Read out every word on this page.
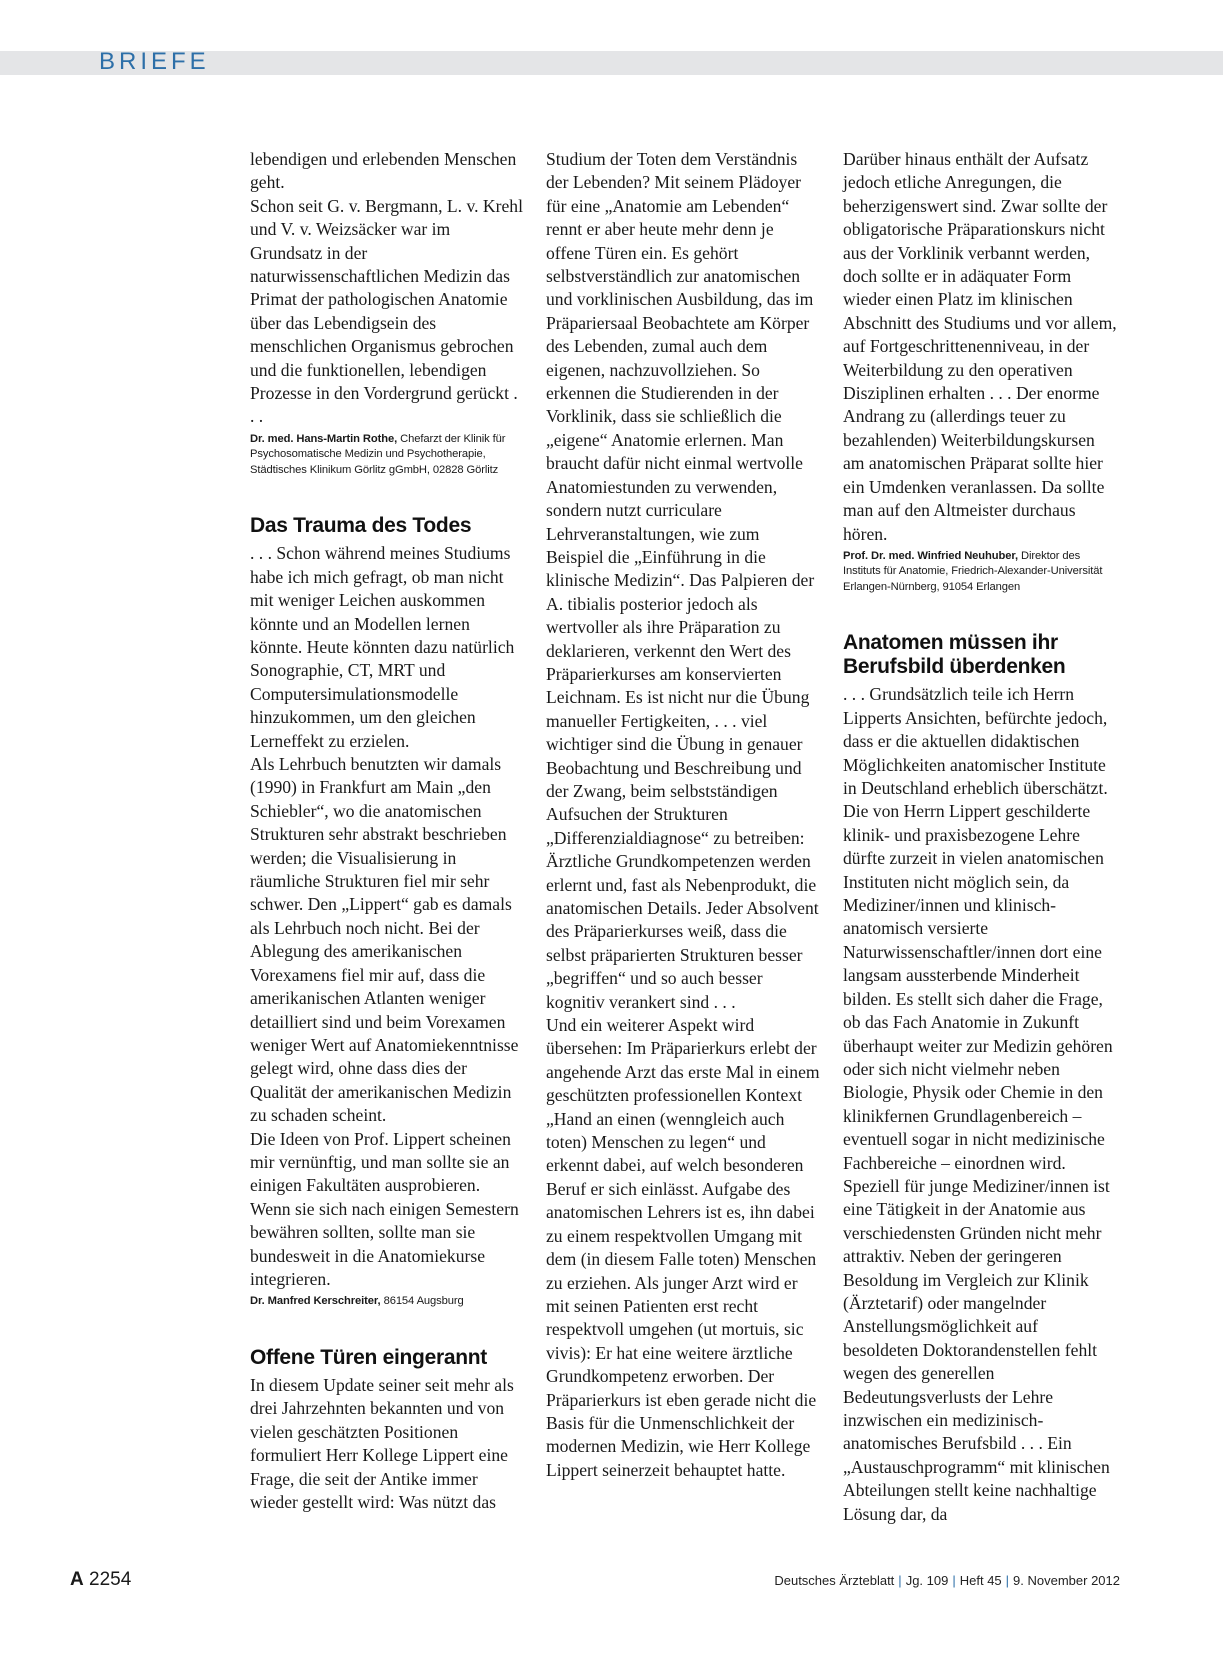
BRIEFE

lebendigen und erlebenden Menschen geht.

Schon seit G. v. Bergmann, L. v. Krehl und V. v. Weizsäcker war im Grundsatz in der naturwissenschaftlichen Medizin das Primat der pathologischen Anatomie über das Lebendigsein des menschlichen Organismus gebrochen und die funktionellen, lebendigen Prozesse in den Vordergrund gerückt . . .

Dr. med. Hans-Martin Rothe, Chefarzt der Klinik für Psychosomatische Medizin und Psychotherapie, Städtisches Klinikum Görlitz gGmbH, 02828 Görlitz
Das Trauma des Todes

. . . Schon während meines Studiums habe ich mich gefragt, ob man nicht mit weniger Leichen auskommen könnte und an Modellen lernen könnte. Heute könnten dazu natürlich Sonographie, CT, MRT und Computersimulationsmodelle hinzukommen, um den gleichen Lerneffekt zu erzielen.

Als Lehrbuch benutzten wir damals (1990) in Frankfurt am Main „den Schiebler“, wo die anatomischen Strukturen sehr abstrakt beschrieben werden; die Visualisierung in räumliche Strukturen fiel mir sehr schwer. Den „Lippert“ gab es damals als Lehrbuch noch nicht. Bei der Ablegung des amerikanischen Vorexamens fiel mir auf, dass die amerikanischen Atlanten weniger detailliert sind und beim Vorexamen weniger Wert auf Anatomiekenntnisse gelegt wird, ohne dass dies der Qualität der amerikanischen Medizin zu schaden scheint.

Die Ideen von Prof. Lippert scheinen mir vernünftig, und man sollte sie an einigen Fakultäten ausprobieren. Wenn sie sich nach einigen Semestern bewähren sollten, sollte man sie bundesweit in die Anatomiekurse integrieren.

Dr. Manfred Kerschreiter, 86154 Augsburg
Offene Türen eingerannt

In diesem Update seiner seit mehr als drei Jahrzehnten bekannten und von vielen geschätzten Positionen formuliert Herr Kollege Lippert eine Frage, die seit der Antike immer wieder gestellt wird: Was nützt das

Studium der Toten dem Verständnis der Lebenden? Mit seinem Plädoyer für eine „Anatomie am Lebenden“ rennt er aber heute mehr denn je offene Türen ein. Es gehört selbstverständlich zur anatomischen und vorklinischen Ausbildung, das im Präpariersaal Beobachtete am Körper des Lebenden, zumal auch dem eigenen, nachzuvollziehen. So erkennen die Studierenden in der Vorklinik, dass sie schließlich die „eigene“ Anatomie erlernen. Man braucht dafür nicht einmal wertvolle Anatomiestunden zu verwenden, sondern nutzt curriculare Lehrveranstaltungen, wie zum Beispiel die „Einführung in die klinische Medizin“. Das Palpieren der A. tibialis posterior jedoch als wertvoller als ihre Präparation zu deklarieren, verkennt den Wert des Präparierkurses am konservierten Leichnam. Es ist nicht nur die Übung manueller Fertigkeiten, . . . viel wichtiger sind die Übung in genauer Beobachtung und Beschreibung und der Zwang, beim selbstständigen Aufsuchen der Strukturen „Differenzialdiagnose“ zu betreiben: Ärztliche Grundkompetenzen werden erlernt und, fast als Nebenprodukt, die anatomischen Details. Jeder Absolvent des Präparierkurses weiß, dass die selbst präparierten Strukturen besser „begriffen“ und so auch besser kognitiv verankert sind . . .

Und ein weiterer Aspekt wird übersehen: Im Präparierkurs erlebt der angehende Arzt das erste Mal in einem geschützten professionellen Kontext „Hand an einen (wenngleich auch toten) Menschen zu legen“ und erkennt dabei, auf welch besonderen Beruf er sich einlässt. Aufgabe des anatomischen Lehrers ist es, ihn dabei zu einem respektvollen Umgang mit dem (in diesem Falle toten) Menschen zu erziehen. Als junger Arzt wird er mit seinen Patienten erst recht respektvoll umgehen (ut mortuis, sic vivis): Er hat eine weitere ärztliche Grundkompetenz erworben. Der Präparierkurs ist eben gerade nicht die Basis für die Unmenschlichkeit der modernen Medizin, wie Herr Kollege Lippert seinerzeit behauptet hatte.

Darüber hinaus enthält der Aufsatz jedoch etliche Anregungen, die beherzigenswert sind. Zwar sollte der obligatorische Präparationskurs nicht aus der Vorklinik verbannt werden, doch sollte er in adäquater Form wieder einen Platz im klinischen Abschnitt des Studiums und vor allem, auf Fortgeschrittenenniveau, in der Weiterbildung zu den operativen Disziplinen erhalten . . . Der enorme Andrang zu (allerdings teuer zu bezahlenden) Weiterbildungskursen am anatomischen Präparat sollte hier ein Umdenken veranlassen. Da sollte man auf den Altmeister durchaus hören.

Prof. Dr. med. Winfried Neuhuber, Direktor des Instituts für Anatomie, Friedrich-Alexander-Universität Erlangen-Nürnberg, 91054 Erlangen
Anatomen müssen ihr Berufsbild überdenken

. . . Grundsätzlich teile ich Herrn Lipperts Ansichten, befürchte jedoch, dass er die aktuellen didaktischen Möglichkeiten anatomischer Institute in Deutschland erheblich überschätzt.

Die von Herrn Lippert geschilderte klinik- und praxisbezogene Lehre dürfte zurzeit in vielen anatomischen Instituten nicht möglich sein, da Mediziner/innen und klinisch-anatomisch versierte Naturwissenschaftler/innen dort eine langsam aussterbende Minderheit bilden. Es stellt sich daher die Frage, ob das Fach Anatomie in Zukunft überhaupt weiter zur Medizin gehören oder sich nicht vielmehr neben Biologie, Physik oder Chemie in den klinikfernen Grundlagenbereich – eventuell sogar in nicht medizinische Fachbereiche – einordnen wird. Speziell für junge Mediziner/innen ist eine Tätigkeit in der Anatomie aus verschiedensten Gründen nicht mehr attraktiv. Neben der geringeren Besoldung im Vergleich zur Klinik (Ärztetarif) oder mangelnder Anstellungsmöglichkeit auf besoldeten Doktorandenstellen fehlt wegen des generellen Bedeutungsverlusts der Lehre inzwischen ein medizinisch-anatomisches Berufsbild . . . Ein „Austauschprogramm“ mit klinischen Abteilungen stellt keine nachhaltige Lösung dar, da

A 2254	Deutsches Ärzteblatt | Jg. 109 | Heft 45 | 9. November 2012
